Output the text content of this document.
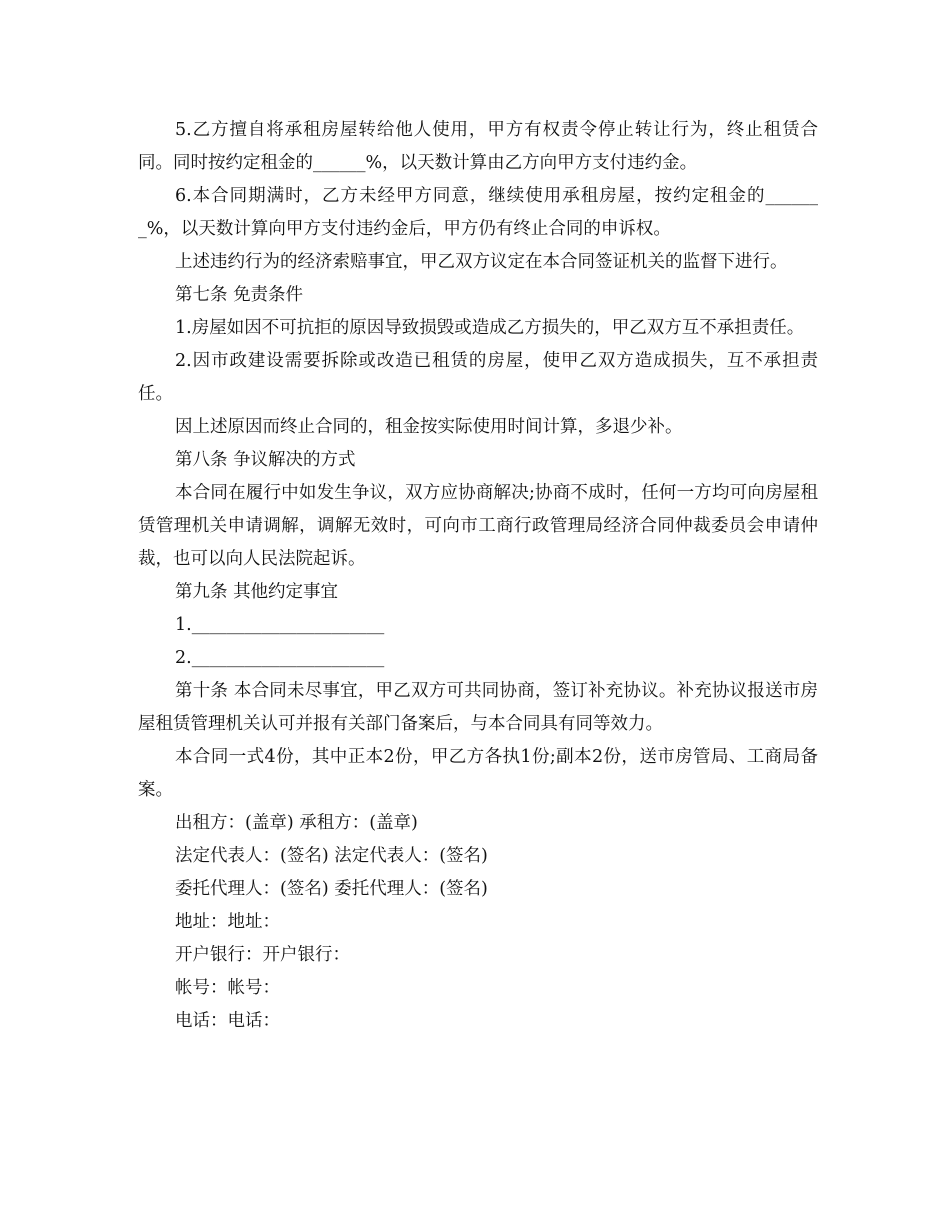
5.乙方擅自将承租房屋转给他人使用，甲方有权责令停止转让行为，终止租赁合同。同时按约定租金的______%，以天数计算由乙方向甲方支付违约金。

6.本合同期满时，乙方未经甲方同意，继续使用承租房屋，按约定租金的_______%，以天数计算向甲方支付违约金后，甲方仍有终止合同的申诉权。

上述违约行为的经济索赔事宜，甲乙双方议定在本合同签证机关的监督下进行。

第七条 免责条件

1.房屋如因不可抗拒的原因导致损毁或造成乙方损失的，甲乙双方互不承担责任。

2.因市政建设需要拆除或改造已租赁的房屋，使甲乙双方造成损失，互不承担责任。

因上述原因而终止合同的，租金按实际使用时间计算，多退少补。

第八条 争议解决的方式

本合同在履行中如发生争议，双方应协商解决;协商不成时，任何一方均可向房屋租赁管理机关申请调解，调解无效时，可向市工商行政管理局经济合同仲裁委员会申请仲裁，也可以向人民法院起诉。

第九条 其他约定事宜

1.______________________

2.______________________

第十条 本合同未尽事宜，甲乙双方可共同协商，签订补充协议。补充协议报送市房屋租赁管理机关认可并报有关部门备案后，与本合同具有同等效力。

本合同一式4份，其中正本2份，甲乙方各执1份;副本2份，送市房管局、工商局备案。

出租方：(盖章) 承租方：(盖章)

法定代表人：(签名) 法定代表人：(签名)

委托代理人：(签名) 委托代理人：(签名)

地址：地址：

开户银行：开户银行：

帐号：帐号：

电话：电话：
